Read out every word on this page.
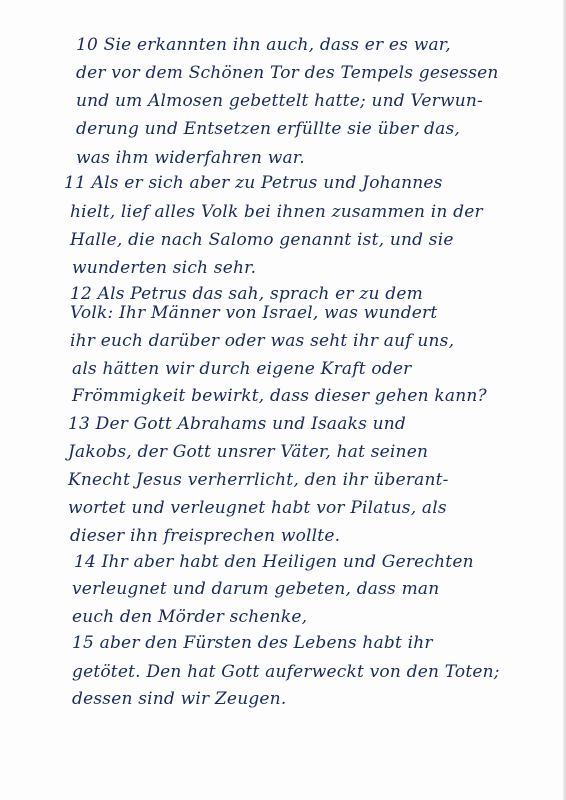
10 Sie erkannten ihn auch, dass er es war,
der vor dem Schönen Tor des Tempels gesessen
und um Almosen gebettelt hatte; und Verwun-
derung und Entsetzen erfüllte sie über das,
was ihm widerfahren war.
11 Als er sich aber zu Petrus und Johannes
hielt, lief alles Volk bei ihnen zusammen in der
Halle, die nach Salomo genannt ist, und sie
wunderten sich sehr.
12 Als Petrus das sah, sprach er zu dem
Volk: Ihr Männer von Israel, was wundert
ihr euch darüber oder was seht ihr auf uns,
als hätten wir durch eigene Kraft oder
Frömmigkeit bewirkt, dass dieser gehen kann?
13 Der Gott Abrahams und Isaaks und
Jakobs, der Gott unsrer Väter, hat seinen
Knecht Jesus verherrlicht, den ihr überant-
wortet und verleugnet habt vor Pilatus, als
dieser ihn freisprechen wollte.
14 Ihr aber habt den Heiligen und Gerechten
verleugnet und darum gebeten, dass man
euch den Mörder schenke,
15 aber den Fürsten des Lebens habt ihr
getötet. Den hat Gott auferweckt von den Toten;
dessen sind wir Zeugen.
